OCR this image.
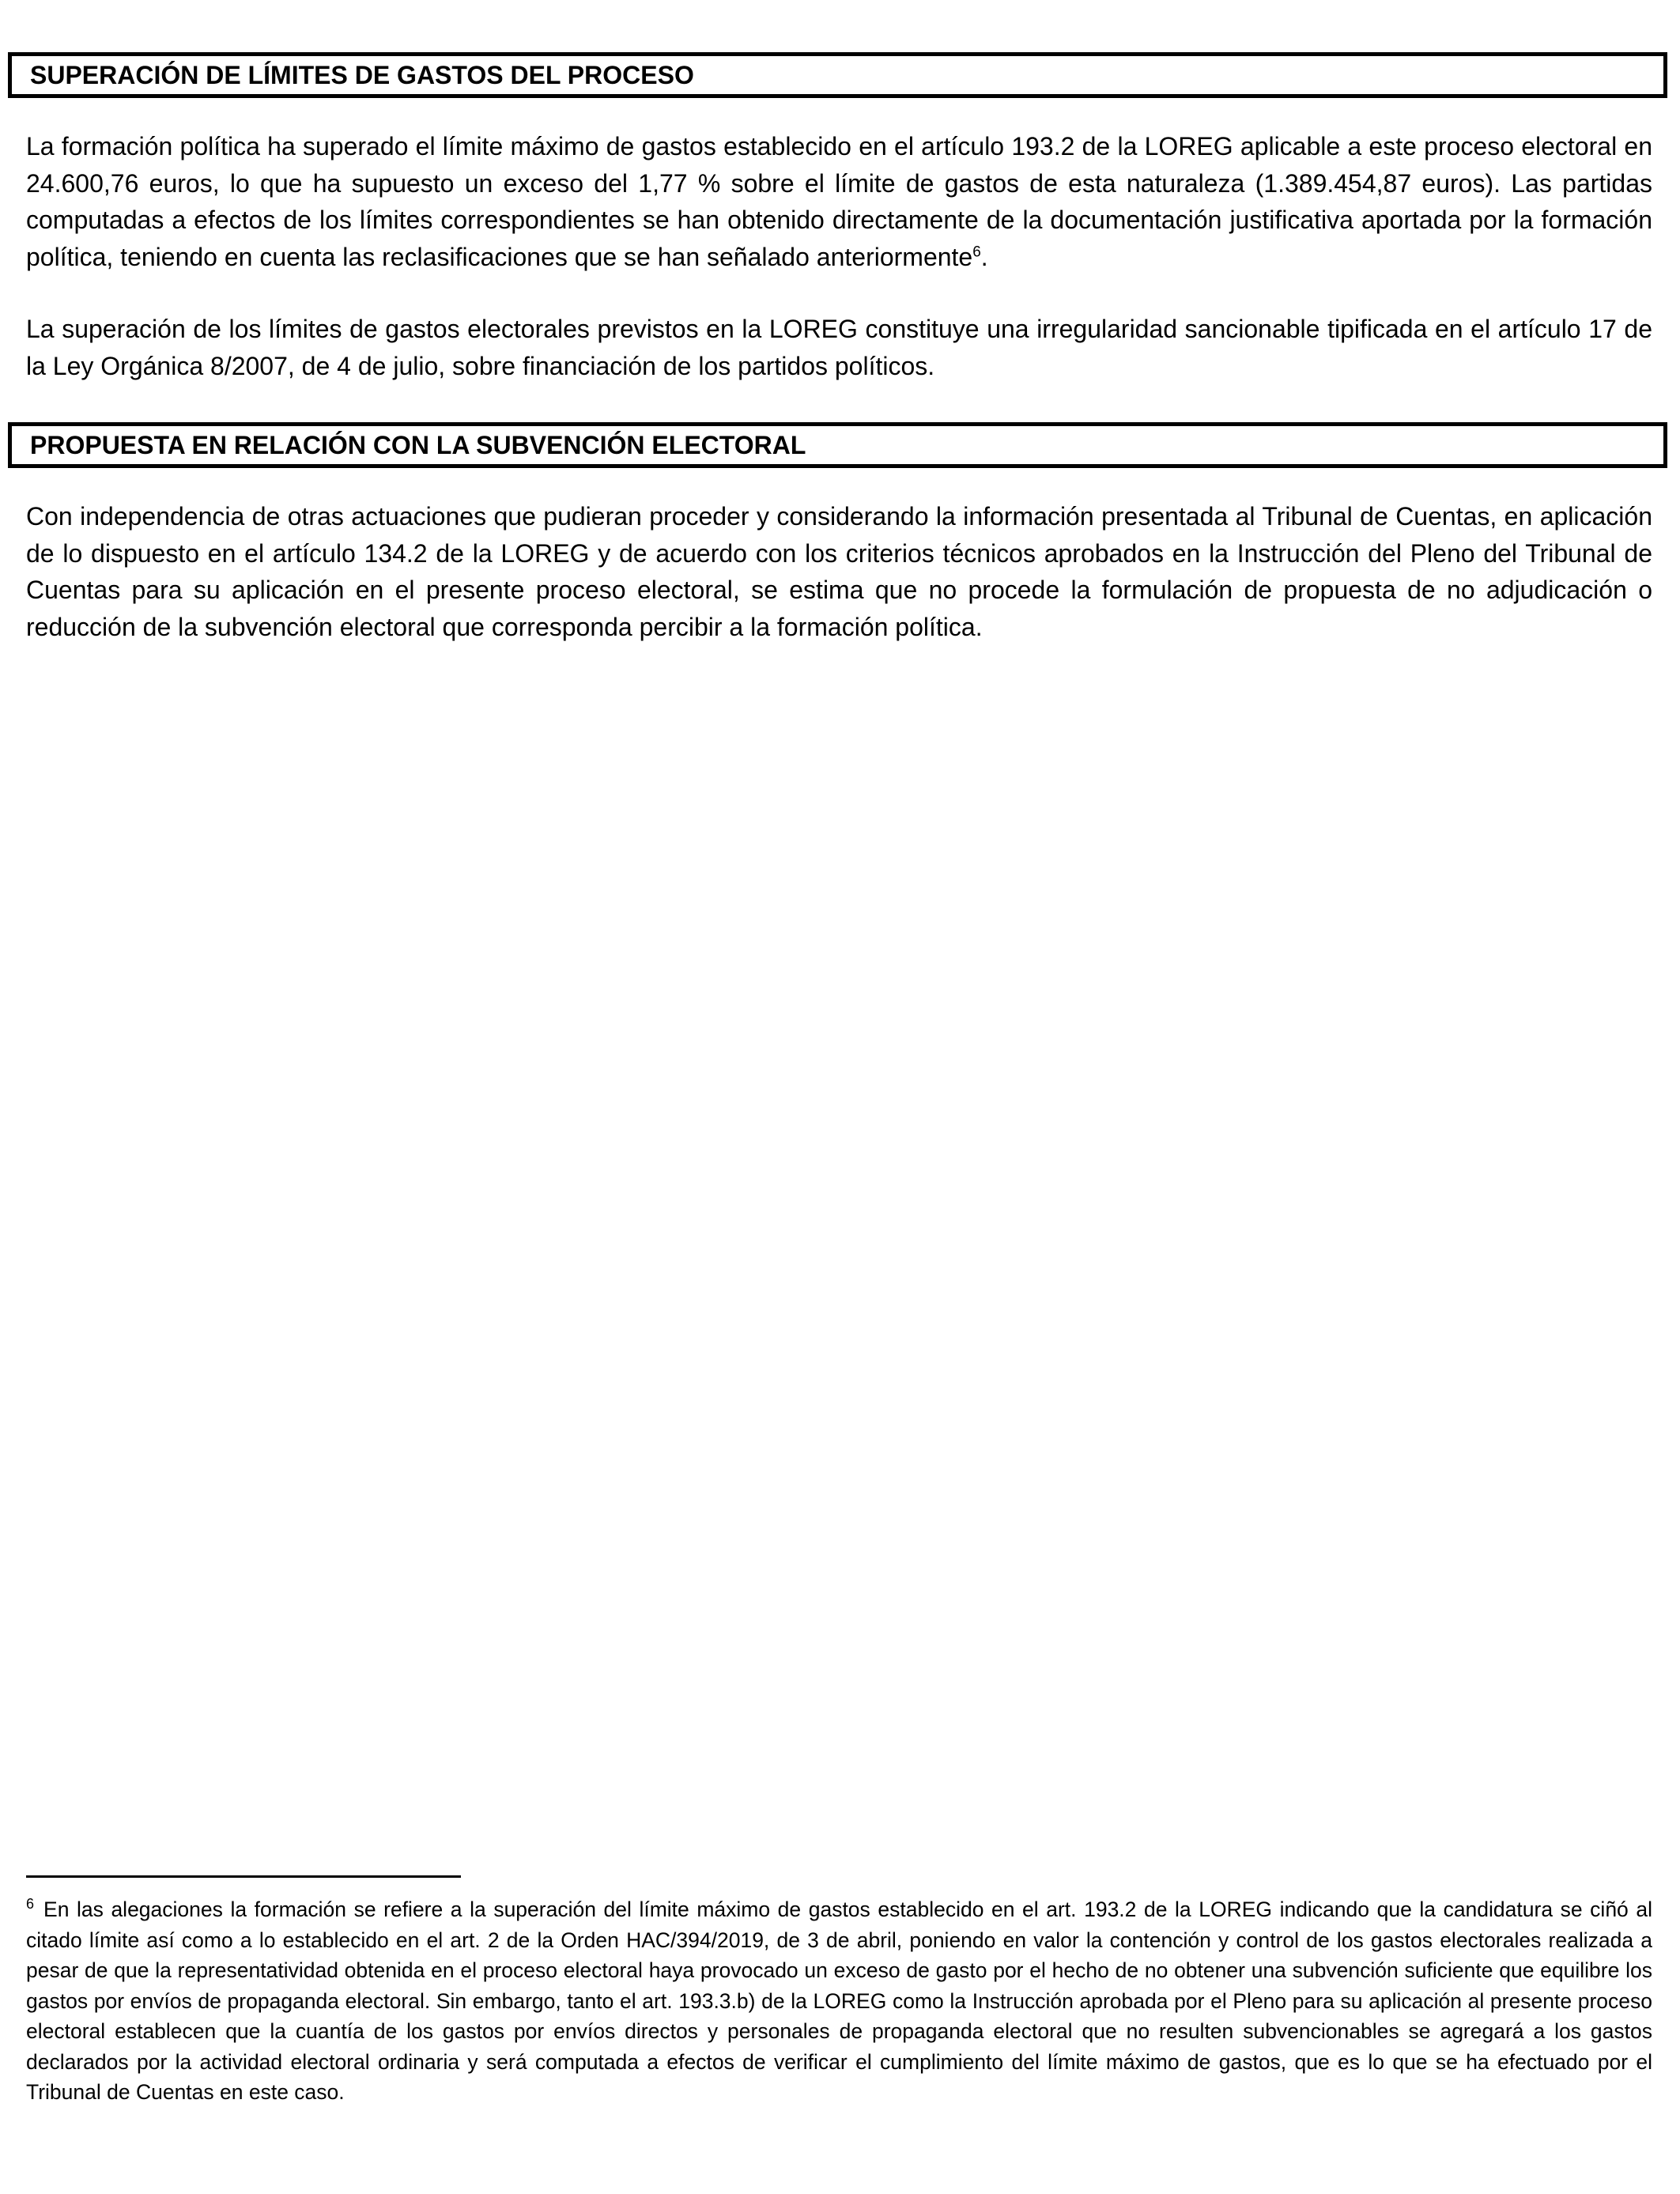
SUPERACIÓN DE LÍMITES DE GASTOS DEL PROCESO

La formación política ha superado el límite máximo de gastos establecido en el artículo 193.2 de la LOREG aplicable a este proceso electoral en 24.600,76 euros, lo que ha supuesto un exceso del 1,77 % sobre el límite de gastos de esta naturaleza (1.389.454,87 euros). Las partidas computadas a efectos de los límites correspondientes se han obtenido directamente de la documentación justificativa aportada por la formación política, teniendo en cuenta las reclasificaciones que se han señalado anteriormente$^6$.

La superación de los límites de gastos electorales previstos en la LOREG constituye una irregularidad sancionable tipificada en el artículo 17 de la Ley Orgánica 8/2007, de 4 de julio, sobre financiación de los partidos políticos.

PROPUESTA EN RELACIÓN CON LA SUBVENCIÓN ELECTORAL

Con independencia de otras actuaciones que pudieran proceder y considerando la información presentada al Tribunal de Cuentas, en aplicación de lo dispuesto en el artículo 134.2 de la LOREG y de acuerdo con los criterios técnicos aprobados en la Instrucción del Pleno del Tribunal de Cuentas para su aplicación en el presente proceso electoral, se estima que no procede la formulación de propuesta de no adjudicación o reducción de la subvención electoral que corresponda percibir a la formación política.

$^6$ En las alegaciones la formación se refiere a la superación del límite máximo de gastos establecido en el art. 193.2 de la LOREG indicando que la candidatura se ciñó al citado límite así como a lo establecido en el art. 2 de la Orden HAC/394/2019, de 3 de abril, poniendo en valor la contención y control de los gastos electorales realizada a pesar de que la representatividad obtenida en el proceso electoral haya provocado un exceso de gasto por el hecho de no obtener una subvención suficiente que equilibre los gastos por envíos de propaganda electoral. Sin embargo, tanto el art. 193.3.b) de la LOREG como la Instrucción aprobada por el Pleno para su aplicación al presente proceso electoral establecen que la cuantía de los gastos por envíos directos y personales de propaganda electoral que no resulten subvencionables se agregará a los gastos declarados por la actividad electoral ordinaria y será computada a efectos de verificar el cumplimiento del límite máximo de gastos, que es lo que se ha efectuado por el Tribunal de Cuentas en este caso.
